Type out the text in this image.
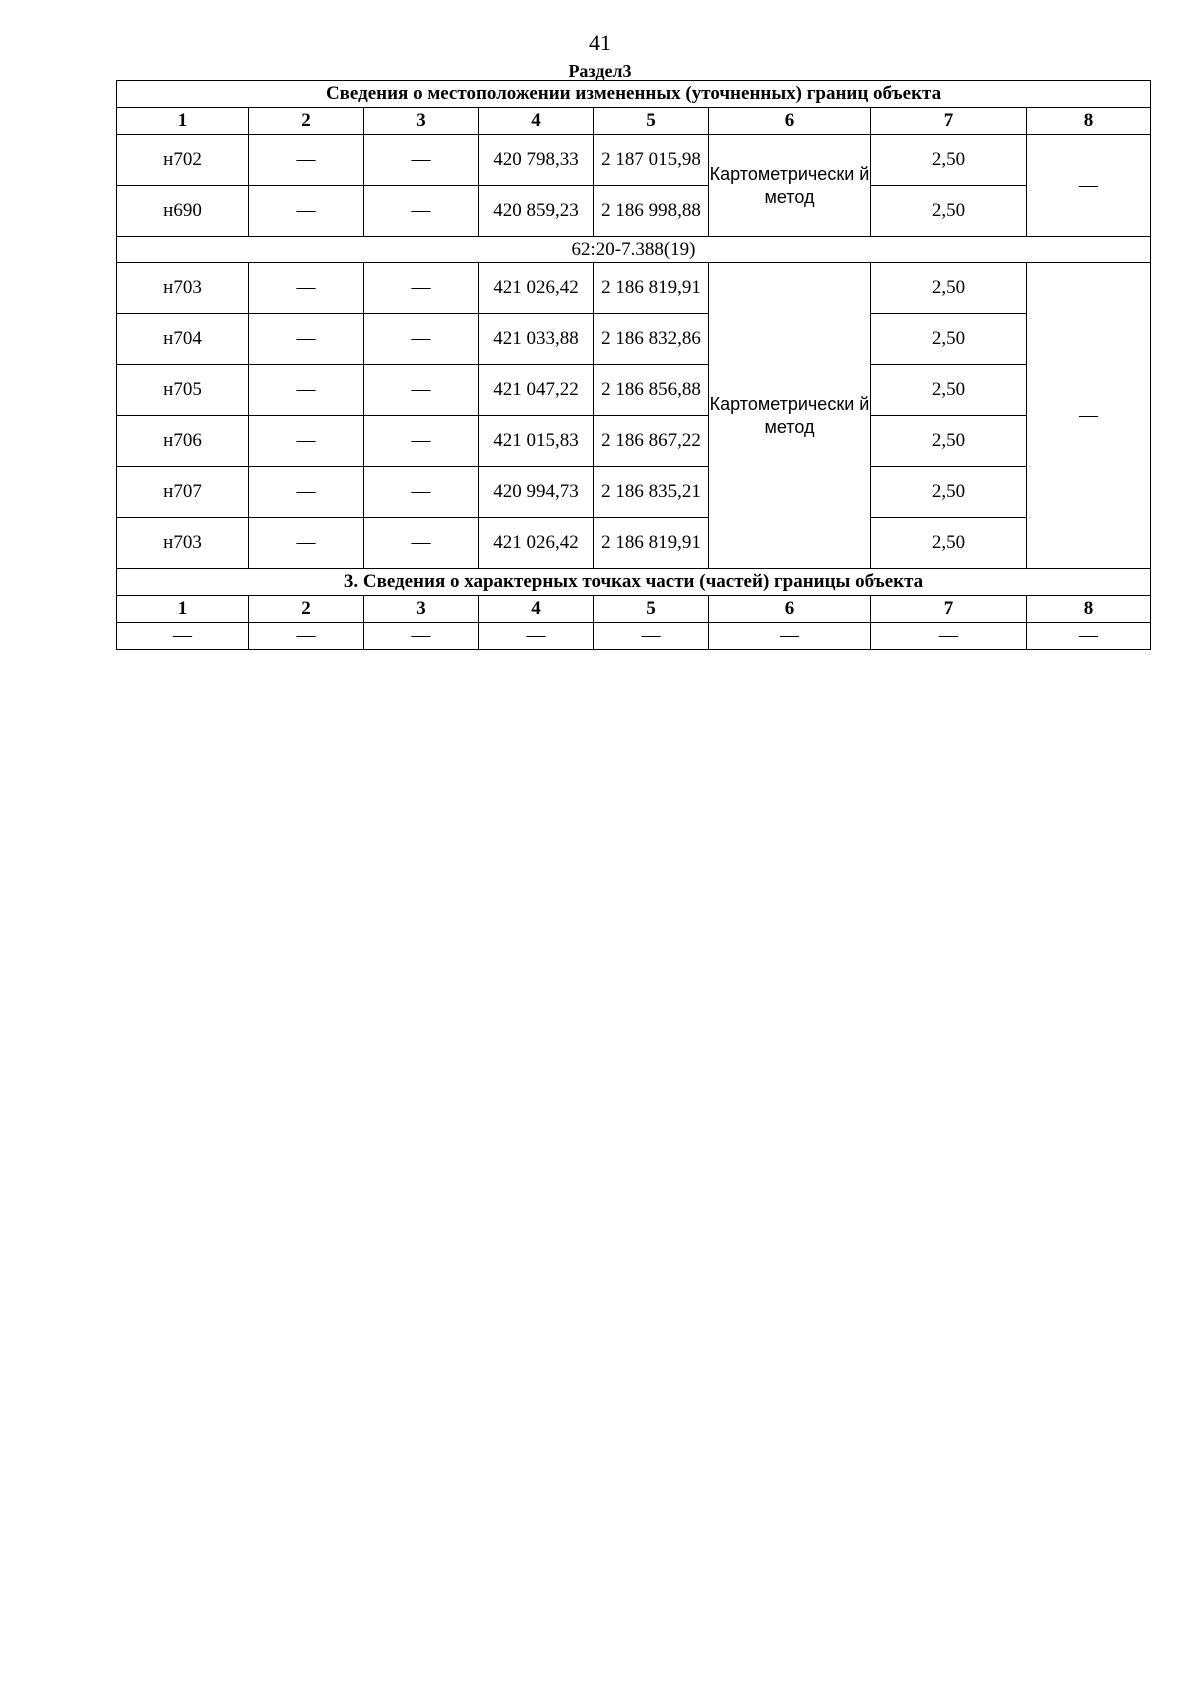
41
Раздел3
Сведения о местоположении измененных (уточненных) границ объекта							
1	2	3	4	5	6	7	8
н702	—	—	420 798,33	2 187 015,98	Картометрически й метод	2,50	—
н690	—	—	420 859,23	2 186 998,88		2,50	
62:20-7.388(19)							
н703	—	—	421 026,42	2 186 819,91	Картометрически й метод	2,50	—
н704	—	—	421 033,88	2 186 832,86		2,50	
н705	—	—	421 047,22	2 186 856,88		2,50	
н706	—	—	421 015,83	2 186 867,22		2,50	
н707	—	—	420 994,73	2 186 835,21		2,50	
н703	—	—	421 026,42	2 186 819,91		2,50	
3. Сведения о характерных точках части (частей) границы объекта							
1	2	3	4	5	6	7	8
—	—	—	—	—	—	—	—
